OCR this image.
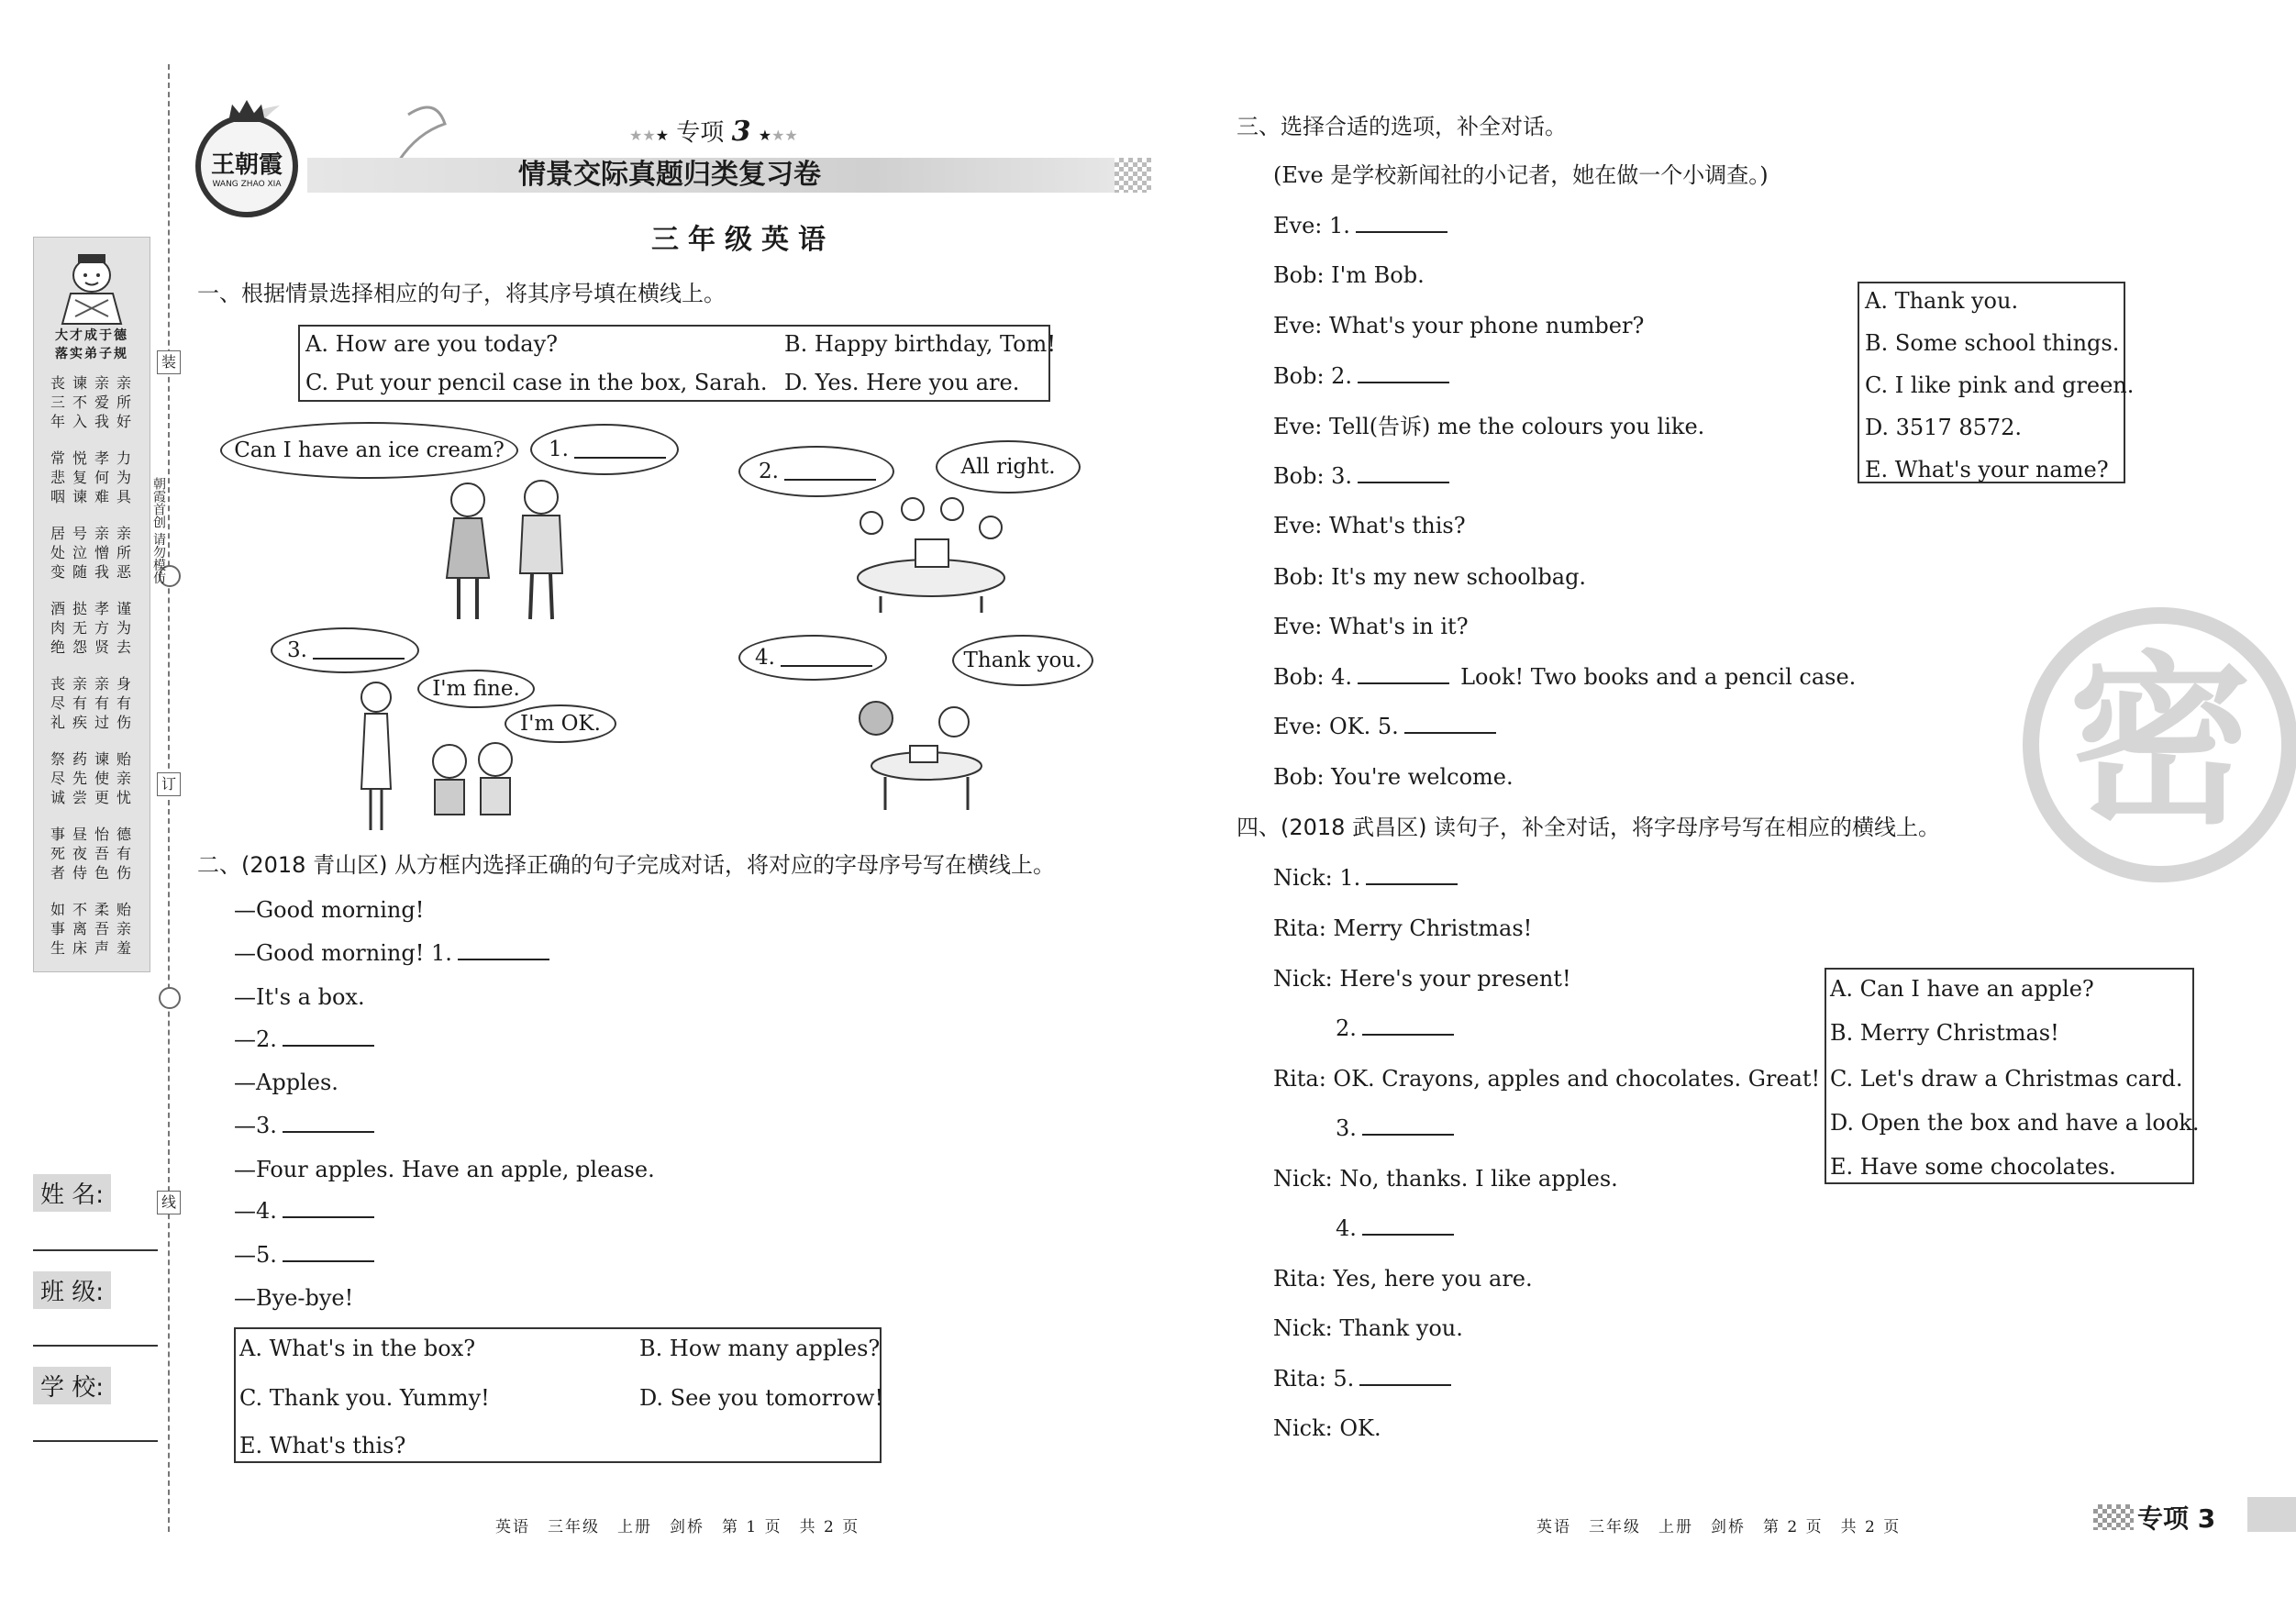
大才成于德
落实弟子规
丧三年
谏不入
亲爱我
亲所好
常悲咽
悦复谏
孝何难
力为具
居处变
号泣随
亲憎我
亲所恶
酒肉绝
挞无怨
孝方贤
谨为去
丧尽礼
亲有疾
亲有过
身有伤
祭尽诚
药先尝
谏使更
贻亲忧
事死者
昼夜侍
怡吾色
德有伤
如事生
不离床
柔吾声
贻亲羞
装
订
线
朝霞首创 请勿模仿
姓 名:
班 级:
学 校:
王朝霞
WANG ZHAO XIA
★★★ 专项 3 ★★★
情景交际真题归类复习卷
三年级英语
一、根据情景选择相应的句子，将其序号填在横线上。
A. How are you today?	B. Happy birthday, Tom!
C. Put your pencil case in the box, Sarah. D. Yes. Here you are.
Can I have an ice cream?	1.
2.	All right.
3.
I'm fine.
I'm OK.
4.	Thank you.
二、(2018 青山区) 从方框内选择正确的句子完成对话，将对应的字母序号写在横线上。
—Good morning!
—Good morning! 1.
—It's a box.
—2.
—Apples.
—3.
—Four apples. Have an apple, please.
—4.
—5.
—Bye-bye!
A. What's in the box?	B. How many apples?
C. Thank you. Yummy!	D. See you tomorrow!
E. What's this?
三、选择合适的选项，补全对话。
(Eve 是学校新闻社的小记者，她在做一个小调查。)
Eve: 1.
Bob: I'm Bob.
Eve: What's your phone number?
Bob: 2.
Eve: Tell(告诉) me the colours you like.
Bob: 3.
Eve: What's this?
Bob: It's my new schoolbag.
Eve: What's in it?
Bob: 4.	Look! Two books and a pencil case.
Eve: OK. 5.
Bob: You're welcome.
A. Thank you.
B. Some school things.
C. I like pink and green.
D. 3517 8572.
E. What's your name?
密
四、(2018 武昌区) 读句子，补全对话，将字母序号写在相应的横线上。
Nick: 1.
Rita: Merry Christmas!
Nick: Here's your present!
2.
Rita: OK. Crayons, apples and chocolates. Great!
3.
Nick: No, thanks. I like apples.
4.
Rita: Yes, here you are.
Nick: Thank you.
Rita: 5.
Nick: OK.
A. Can I have an apple?
B. Merry Christmas!
C. Let's draw a Christmas card.
D. Open the box and have a look.
E. Have some chocolates.
英语　三年级　上册　剑桥　第 1 页　共 2 页	英语　三年级　上册　剑桥　第 2 页　共 2 页	专项 3
